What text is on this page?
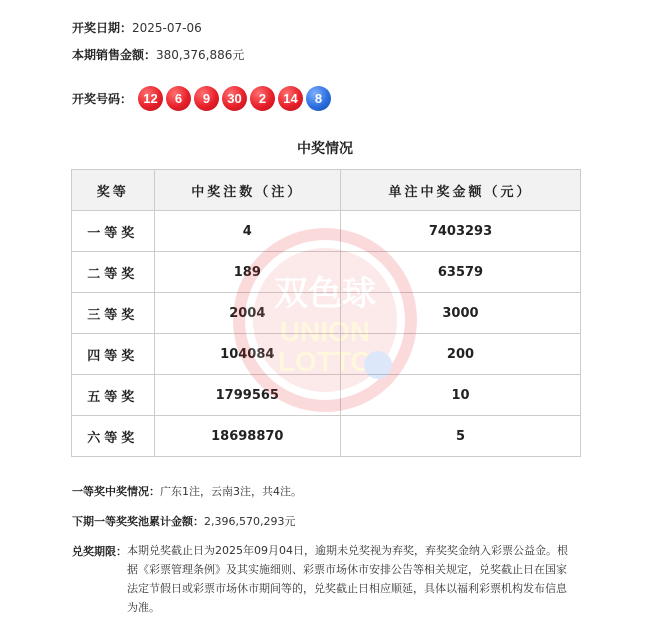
开奖日期：2025-07-06
本期销售金额：380,376,886元
开奖号码： 12	6	9	30	2	14	8
中奖情况
奖等	中奖注数（注）	单注中奖金额（元）
一等奖	4	7403293
二等奖	189	63579
三等奖	2004	3000
四等奖	104084	200
五等奖	1799565	10
六等奖	18698870	5
双色球
UNION
LOTTO
一等奖中奖情况：广东1注，云南3注，共4注。
下期一等奖奖池累计金额：2,396,570,293元
兑奖期限： 本期兑奖截止日为2025年09月04日，逾期未兑奖视为弃奖，弃奖奖金纳入彩票公益金。根据《彩票管理条例》及其实施细则、彩票市场休市安排公告等相关规定，兑奖截止日在国家法定节假日或彩票市场休市期间等的，兑奖截止日相应顺延，具体以福利彩票机构发布信息为准。
